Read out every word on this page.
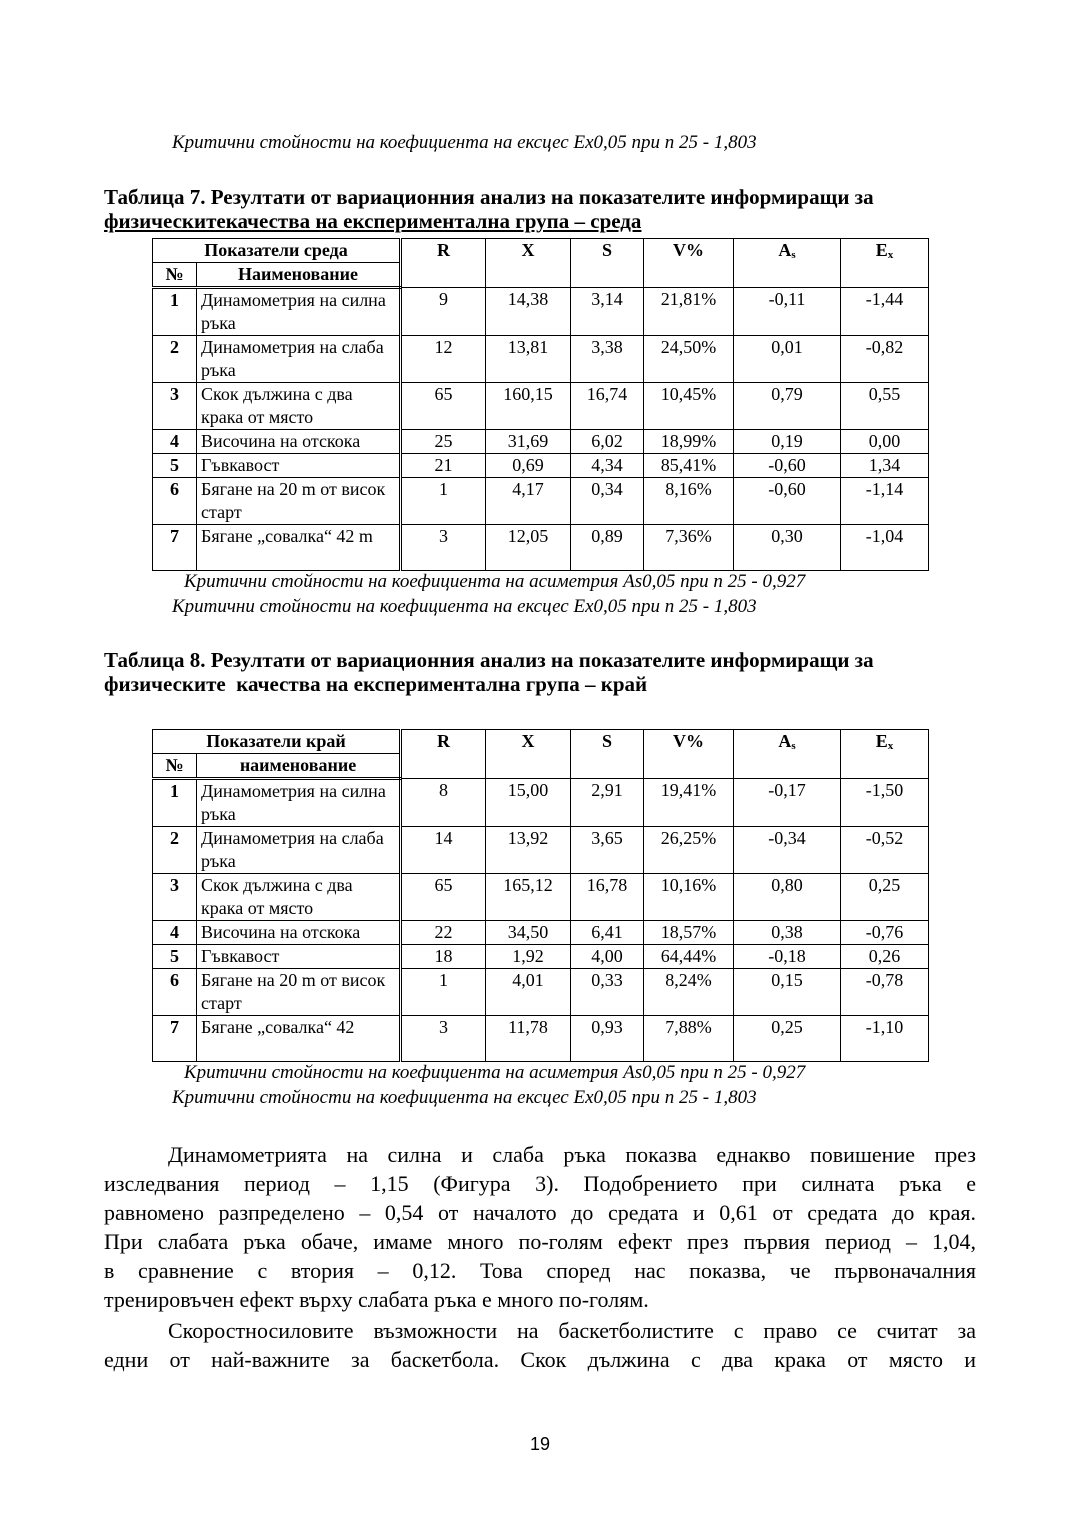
Критични стойности на коефициента на ексцес Ex0,05 при n 25 - 1,803
Таблица 7. Резултати от вариационния анализ на показателите информиращи за
физическитекачества на експериментална група – среда
Показатели среда		R	X	S	V%	As	Ex
№	Наименование						
1	Динамометрия на силна ръка	9	14,38	3,14	21,81%	-0,11	-1,44
2	Динамометрия на слаба ръка	12	13,81	3,38	24,50%	0,01	-0,82
3	Скок дължина с два крака от място	65	160,15	16,74	10,45%	0,79	0,55
4	Височина на отскока	25	31,69	6,02	18,99%	0,19	0,00
5	Гъвкавост	21	0,69	4,34	85,41%	-0,60	1,34
6	Бягане на 20 m от висок старт	1	4,17	0,34	8,16%	-0,60	-1,14
7	Бягане „совалка“ 42 m	3	12,05	0,89	7,36%	0,30	-1,04
Критични стойности на коефициента на асиметрия As0,05 при n 25 - 0,927
Критични стойности на коефициента на ексцес Ex0,05 при n 25 - 1,803
Таблица 8. Резултати от вариационния анализ на показателите информиращи за
физическите  качества на експериментална група – край
Показатели край		R	X	S	V%	As	Ex
№	наименование						
1	Динамометрия на силна ръка	8	15,00	2,91	19,41%	-0,17	-1,50
2	Динамометрия на слаба ръка	14	13,92	3,65	26,25%	-0,34	-0,52
3	Скок дължина с два крака от място	65	165,12	16,78	10,16%	0,80	0,25
4	Височина на отскока	22	34,50	6,41	18,57%	0,38	-0,76
5	Гъвкавост	18	1,92	4,00	64,44%	-0,18	0,26
6	Бягане на 20 m от висок старт	1	4,01	0,33	8,24%	0,15	-0,78
7	Бягане „совалка“ 42	3	11,78	0,93	7,88%	0,25	-1,10
Критични стойности на коефициента на асиметрия As0,05 при n 25 - 0,927
Критични стойности на коефициента на ексцес Ex0,05 при n 25 - 1,803
Динамометрията на силна и слаба ръка показва еднакво повишение през
изследвания период – 1,15 (Фигура 3). Подобрението при силната ръка е
равномено разпределено – 0,54 от началото до средата и 0,61 от средата до края.
При слабата ръка обаче, имаме много по-голям ефект през първия период – 1,04,
в сравнение с втория – 0,12. Това според нас показва, че първоначалния
тренировъчен ефект върху слабата ръка е много по-голям.
Скоростносиловите възможности на баскетболистите с право се считат за
едни от най-важните за баскетбола. Скок дължина с два крака от място и
19
